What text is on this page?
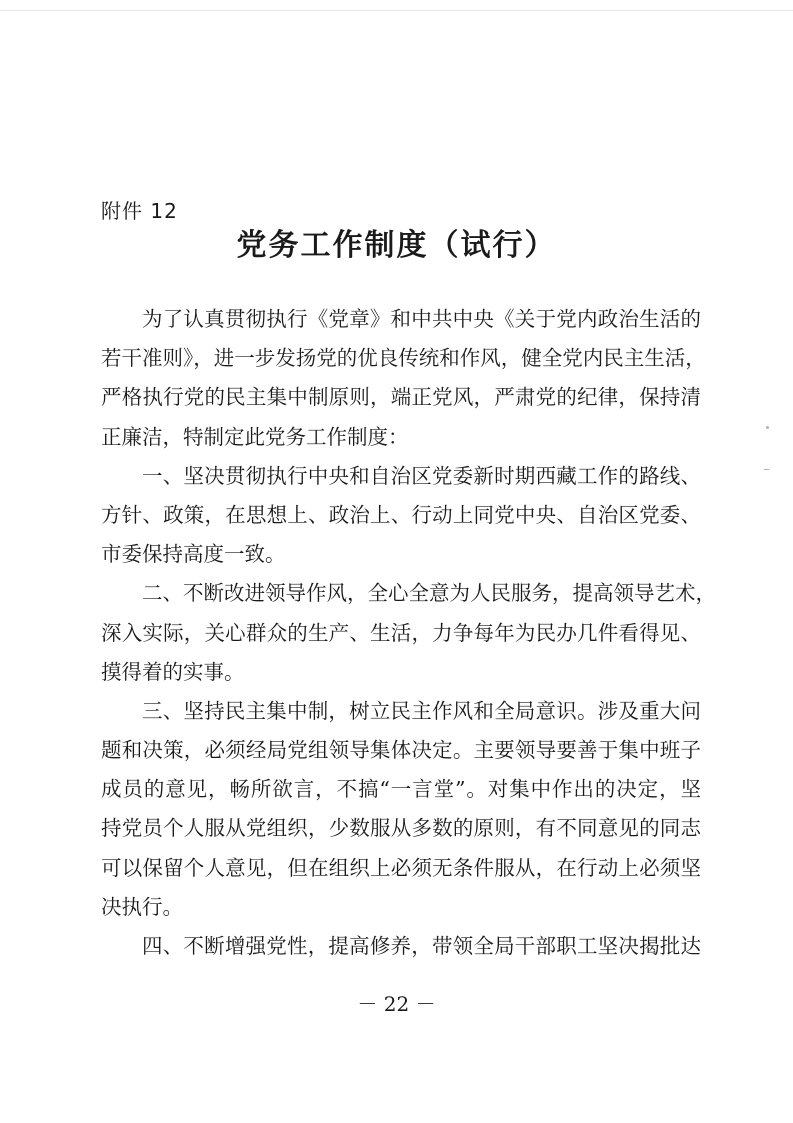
附件 12
党务工作制度（试行）
为了认真贯彻执行《党章》和中共中央《关于党内政治生活的
若干准则》，进一步发扬党的优良传统和作风，健全党内民主生活，
严格执行党的民主集中制原则，端正党风，严肃党的纪律，保持清
正廉洁，特制定此党务工作制度：
一、坚决贯彻执行中央和自治区党委新时期西藏工作的路线、
方针、政策，在思想上、政治上、行动上同党中央、自治区党委、
市委保持高度一致。
二、不断改进领导作风，全心全意为人民服务，提高领导艺术，
深入实际，关心群众的生产、生活，力争每年为民办几件看得见、
摸得着的实事。
三、坚持民主集中制，树立民主作风和全局意识。涉及重大问
题和决策，必须经局党组领导集体决定。主要领导要善于集中班子
成员的意见，畅所欲言，不搞“一言堂”。对集中作出的决定，坚
持党员个人服从党组织，少数服从多数的原则，有不同意见的同志
可以保留个人意见，但在组织上必须无条件服从，在行动上必须坚
决执行。
四、不断增强党性，提高修养，带领全局干部职工坚决揭批达
－ 22 －
